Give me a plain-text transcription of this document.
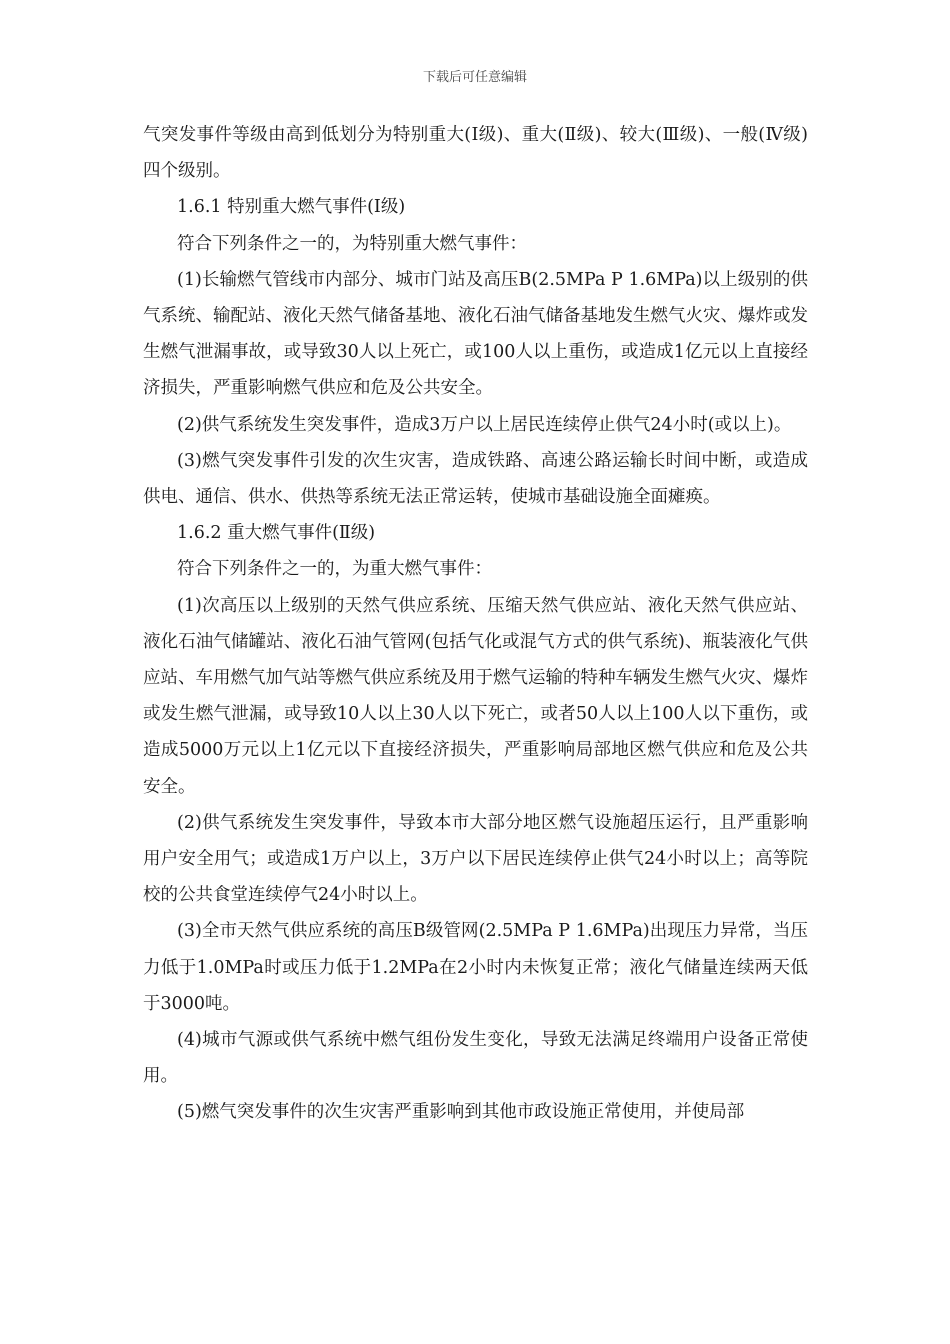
下载后可任意编辑

气突发事件等级由高到低划分为特别重大(Ⅰ级)、重大(Ⅱ级)、较大(Ⅲ级)、一般(Ⅳ级)四个级别。

1.6.1 特别重大燃气事件(Ⅰ级)

符合下列条件之一的，为特别重大燃气事件：

(1)长输燃气管线市内部分、城市门站及高压B(2.5MPa P 1.6MPa)以上级别的供气系统、输配站、液化天然气储备基地、液化石油气储备基地发生燃气火灾、爆炸或发生燃气泄漏事故，或导致30人以上死亡，或100人以上重伤，或造成1亿元以上直接经济损失，严重影响燃气供应和危及公共安全。

(2)供气系统发生突发事件，造成3万户以上居民连续停止供气24小时(或以上)。

(3)燃气突发事件引发的次生灾害，造成铁路、高速公路运输长时间中断，或造成供电、通信、供水、供热等系统无法正常运转，使城市基础设施全面瘫痪。

1.6.2 重大燃气事件(Ⅱ级)

符合下列条件之一的，为重大燃气事件：

(1)次高压以上级别的天然气供应系统、压缩天然气供应站、液化天然气供应站、液化石油气储罐站、液化石油气管网(包括气化或混气方式的供气系统)、瓶装液化气供应站、车用燃气加气站等燃气供应系统及用于燃气运输的特种车辆发生燃气火灾、爆炸或发生燃气泄漏，或导致10人以上30人以下死亡，或者50人以上100人以下重伤，或造成5000万元以上1亿元以下直接经济损失，严重影响局部地区燃气供应和危及公共安全。

(2)供气系统发生突发事件，导致本市大部分地区燃气设施超压运行，且严重影响用户安全用气；或造成1万户以上，3万户以下居民连续停止供气24小时以上；高等院校的公共食堂连续停气24小时以上。

(3)全市天然气供应系统的高压B级管网(2.5MPa P 1.6MPa)出现压力异常，当压力低于1.0MPa时或压力低于1.2MPa在2小时内未恢复正常；液化气储量连续两天低于3000吨。

(4)城市气源或供气系统中燃气组份发生变化，导致无法满足终端用户设备正常使用。

(5)燃气突发事件的次生灾害严重影响到其他市政设施正常使用，并使局部
